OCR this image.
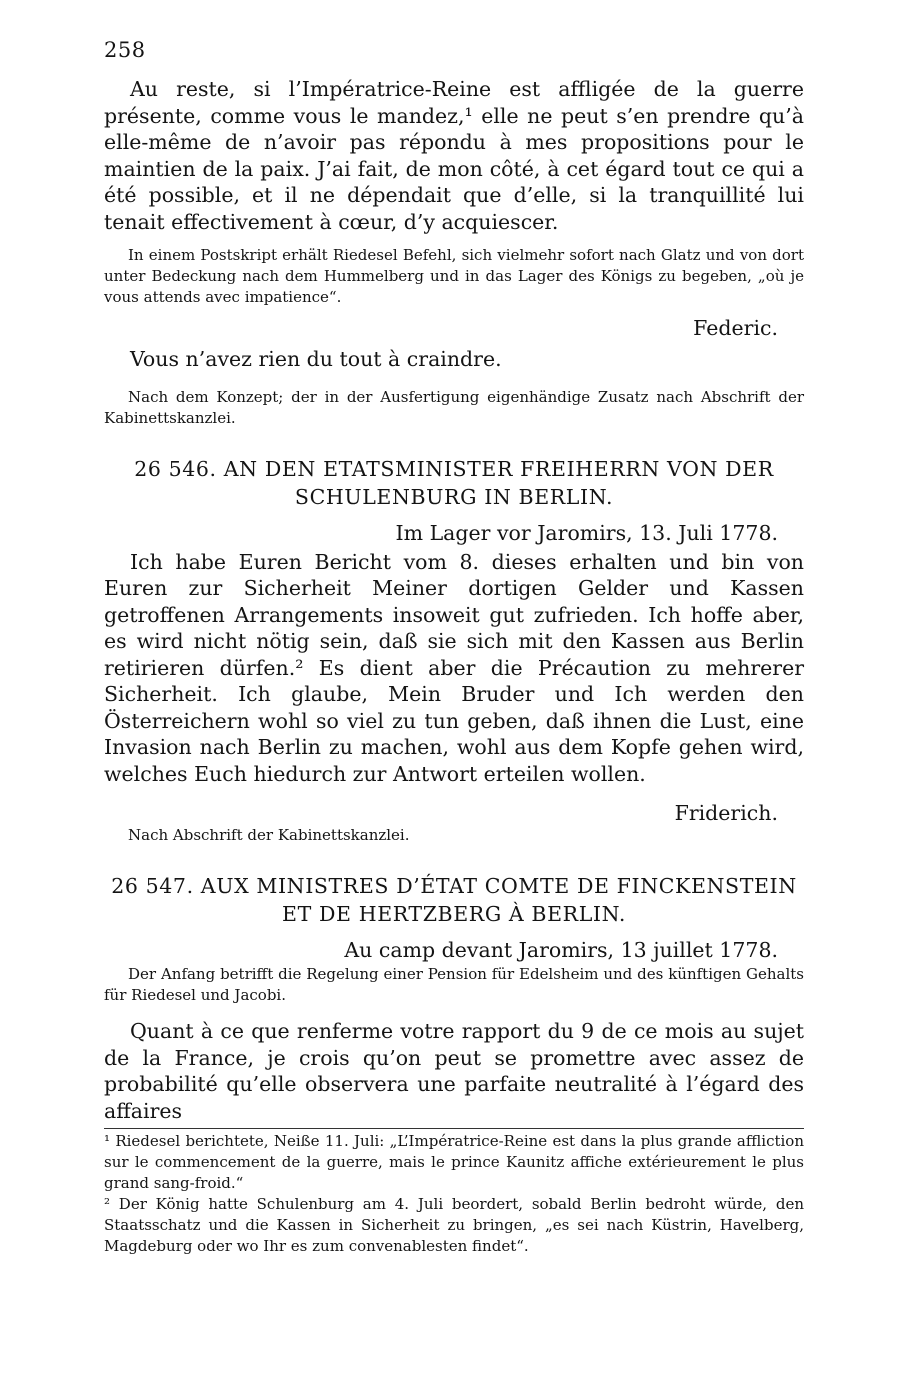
258

Au reste, si l’Impératrice-Reine est affligée de la guerre présente, comme vous le mandez,¹ elle ne peut s’en prendre qu’à elle-même de n’avoir pas répondu à mes propositions pour le maintien de la paix. J’ai fait, de mon côté, à cet égard tout ce qui a été possible, et il ne dépendait que d’elle, si la tranquillité lui tenait effectivement à cœur, d’y acquiescer.

In einem Postskript erhält Riedesel Befehl, sich vielmehr sofort nach Glatz und von dort unter Bedeckung nach dem Hummelberg und in das Lager des Königs zu begeben, „où je vous attends avec impatience“.

Federic.

Vous n’avez rien du tout à craindre.

Nach dem Konzept; der in der Ausfertigung eigenhändige Zusatz nach Abschrift der Kabinettskanzlei.

26 546. AN DEN ETATSMINISTER FREIHERRN VON DER

SCHULENBURG IN BERLIN.

Im Lager vor Jaromirs, 13. Juli 1778.

Ich habe Euren Bericht vom 8. dieses erhalten und bin von Euren zur Sicherheit Meiner dortigen Gelder und Kassen getroffenen Arrangements insoweit gut zufrieden. Ich hoffe aber, es wird nicht nötig sein, daß sie sich mit den Kassen aus Berlin retirieren dürfen.² Es dient aber die Précaution zu mehrerer Sicherheit. Ich glaube, Mein Bruder und Ich werden den Österreichern wohl so viel zu tun geben, daß ihnen die Lust, eine Invasion nach Berlin zu machen, wohl aus dem Kopfe gehen wird, welches Euch hiedurch zur Antwort erteilen wollen.

Friderich.

Nach Abschrift der Kabinettskanzlei.

26 547. AUX MINISTRES D’ÉTAT COMTE DE FINCKENSTEIN

ET DE HERTZBERG À BERLIN.

Au camp devant Jaromirs, 13 juillet 1778.

Der Anfang betrifft die Regelung einer Pension für Edelsheim und des künftigen Gehalts für Riedesel und Jacobi.

Quant à ce que renferme votre rapport du 9 de ce mois au sujet de la France, je crois qu’on peut se promettre avec assez de probabilité qu’elle observera une parfaite neutralité à l’égard des affaires

¹ Riedesel berichtete, Neiße 11. Juli: „L’Impératrice-Reine est dans la plus grande affliction sur le commencement de la guerre, mais le prince Kaunitz affiche extérieurement le plus grand sang-froid.“

² Der König hatte Schulenburg am 4. Juli beordert, sobald Berlin bedroht würde, den Staatsschatz und die Kassen in Sicherheit zu bringen, „es sei nach Küstrin, Havelberg, Magdeburg oder wo Ihr es zum convenablesten findet“.
